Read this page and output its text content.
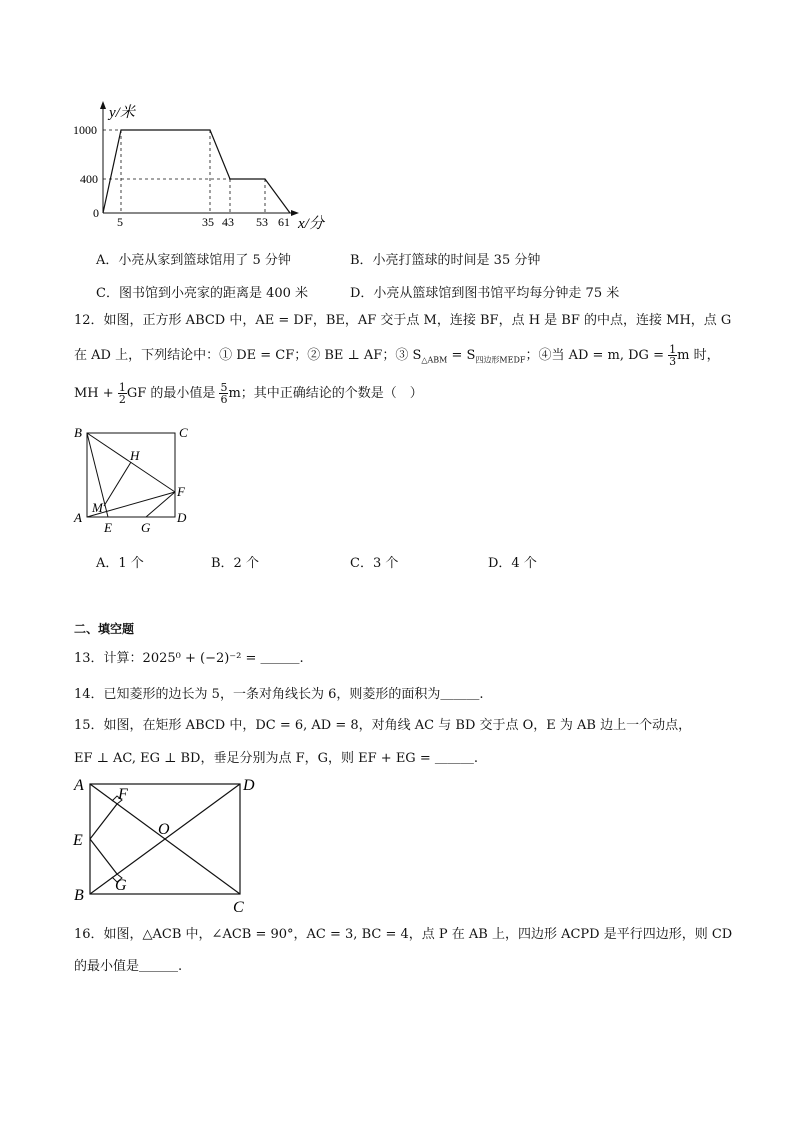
y/米
x/分
1000
400
0
5	35 43 53 61
A．小亮从家到篮球馆用了 5 分钟	B．小亮打篮球的时间是 35 分钟
C．图书馆到小亮家的距离是 400 米	D．小亮从篮球馆到图书馆平均每分钟走 75 米
12．如图，正方形 ABCD 中，AE = DF，BE，AF 交于点 M，连接 BF，点 H 是 BF 的中点，连接 MH，点 G
在 AD 上，下列结论中：① DE = CF；② BE ⊥ AF；③ $S_{\triangle ABM} = S_{四边形MEDF}$；④当 AD = m, DG = $\frac{1}{3}$ m 时，
MH + $\frac{1}{2}$ GF 的最小值是 $\frac{5}{6}$ m；其中正确结论的个数是（　）
B	C
H
F
M
A
E G
D
A．1 个	B．2 个	C．3 个	D．4 个
二、填空题
13．计算：2025⁰ + (−2)⁻² = ＿＿＿.
14．已知菱形的边长为 5，一条对角线长为 6，则菱形的面积为＿＿＿.
15．如图，在矩形 ABCD 中，DC = 6, AD = 8，对角线 AC 与 BD 交于点 O，E 为 AB 边上一个动点，
EF ⊥ AC, EG ⊥ BD，垂足分别为点 F，G，则 EF + EG = ＿＿＿.
A	D
F
E
O
B
G
C
16．如图，△ACB 中，∠ACB = 90°，AC = 3, BC = 4，点 P 在 AB 上，四边形 ACPD 是平行四边形，则 CD
的最小值是＿＿＿.
